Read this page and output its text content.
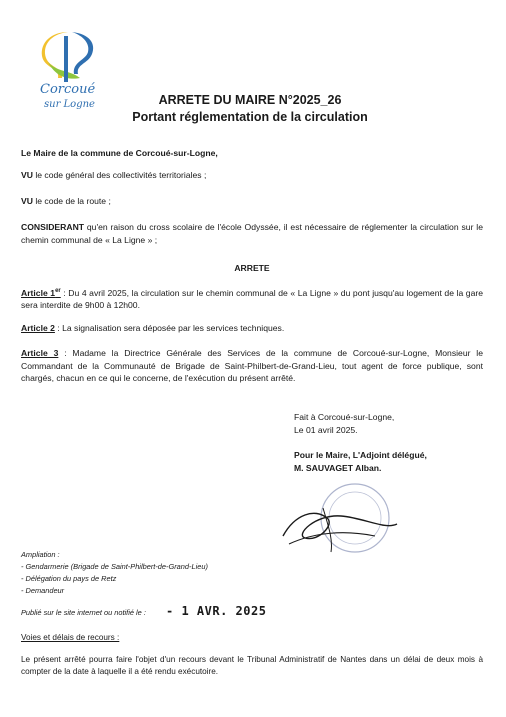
Corcoué
sur Logne	ARRETE DU MAIRE N°2025_26
Portant réglementation de la circulation
Le Maire de la commune de Corcoué-sur-Logne,
VU le code général des collectivités territoriales ;
VU le code de la route ;
CONSIDERANT qu'en raison du cross scolaire de l'école Odyssée, il est nécessaire de réglementer la circulation sur le chemin communal de « La Ligne » ;
ARRETE
Article 1er : Du 4 avril 2025, la circulation sur le chemin communal de « La Ligne » du pont jusqu'au logement de la gare sera interdite de 9h00 à 12h00.
Article 2 : La signalisation sera déposée par les services techniques.
Article 3 : Madame la Directrice Générale des Services de la commune de Corcoué-sur-Logne, Monsieur le Commandant de la Communauté de Brigade de Saint-Philbert-de-Grand-Lieu, tout agent de force publique, sont chargés, chacun en ce qui le concerne, de l'exécution du présent arrêté.
Fait à Corcoué-sur-Logne,
Le 01 avril 2025.
Pour le Maire, L'Adjoint délégué,
M. SAUVAGET Alban.
Ampliation :
- Gendarmerie (Brigade de Saint-Philbert-de-Grand-Lieu)
- Délégation du pays de Retz
- Demandeur
Publié sur le site internet ou notifié le : - 1 AVR. 2025
Voies et délais de recours :
Le présent arrêté pourra faire l'objet d'un recours devant le Tribunal Administratif de Nantes dans un délai de deux mois à compter de la date à laquelle il a été rendu exécutoire.
